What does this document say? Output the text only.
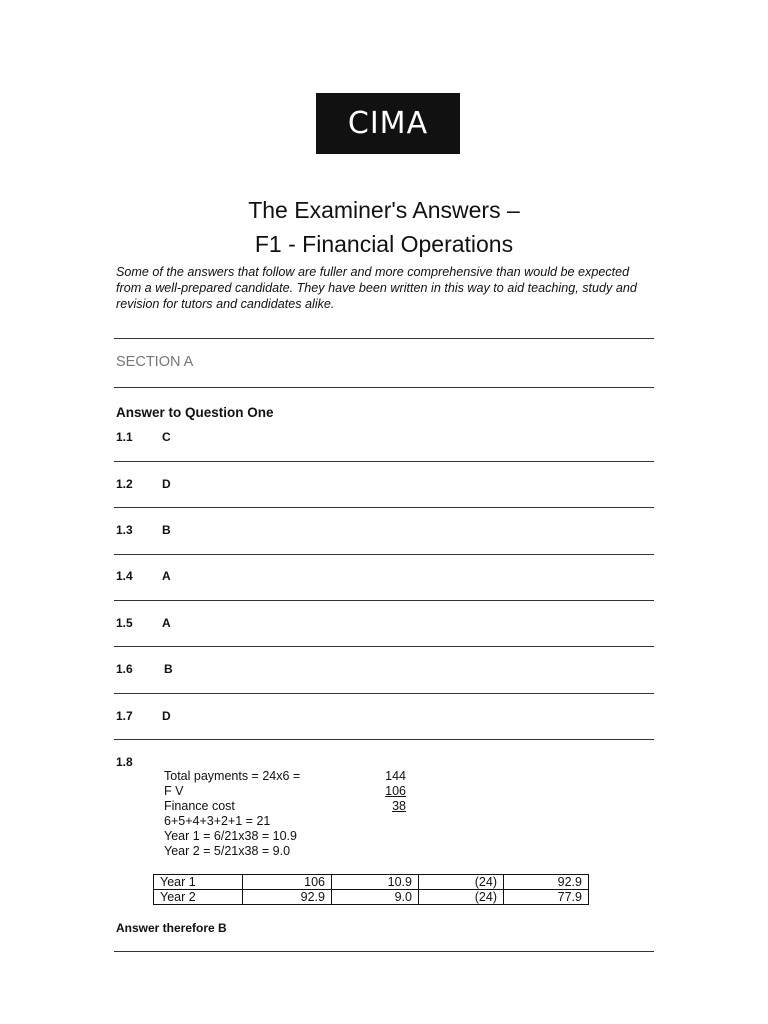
CIMA
The Examiner's Answers –
F1 - Financial Operations
Some of the answers that follow are fuller and more comprehensive than would be expected from a well-prepared candidate. They have been written in this way to aid teaching, study and revision for tutors and candidates alike.
SECTION A
Answer to Question One
1.1 C
1.2 D
1.3 B
1.4 A
1.5 A
1.6	B
1.7 D
1.8
Total payments = 24x6 =	144
F V	106
Finance cost	38
6+5+4+3+2+1 = 21
Year 1 = 6/21x38 = 10.9
Year 2 = 5/21x38 = 9.0
Year 1	106	10.9	(24)	92.9
Year 2	92.9	9.0	(24)	77.9
Answer therefore B
